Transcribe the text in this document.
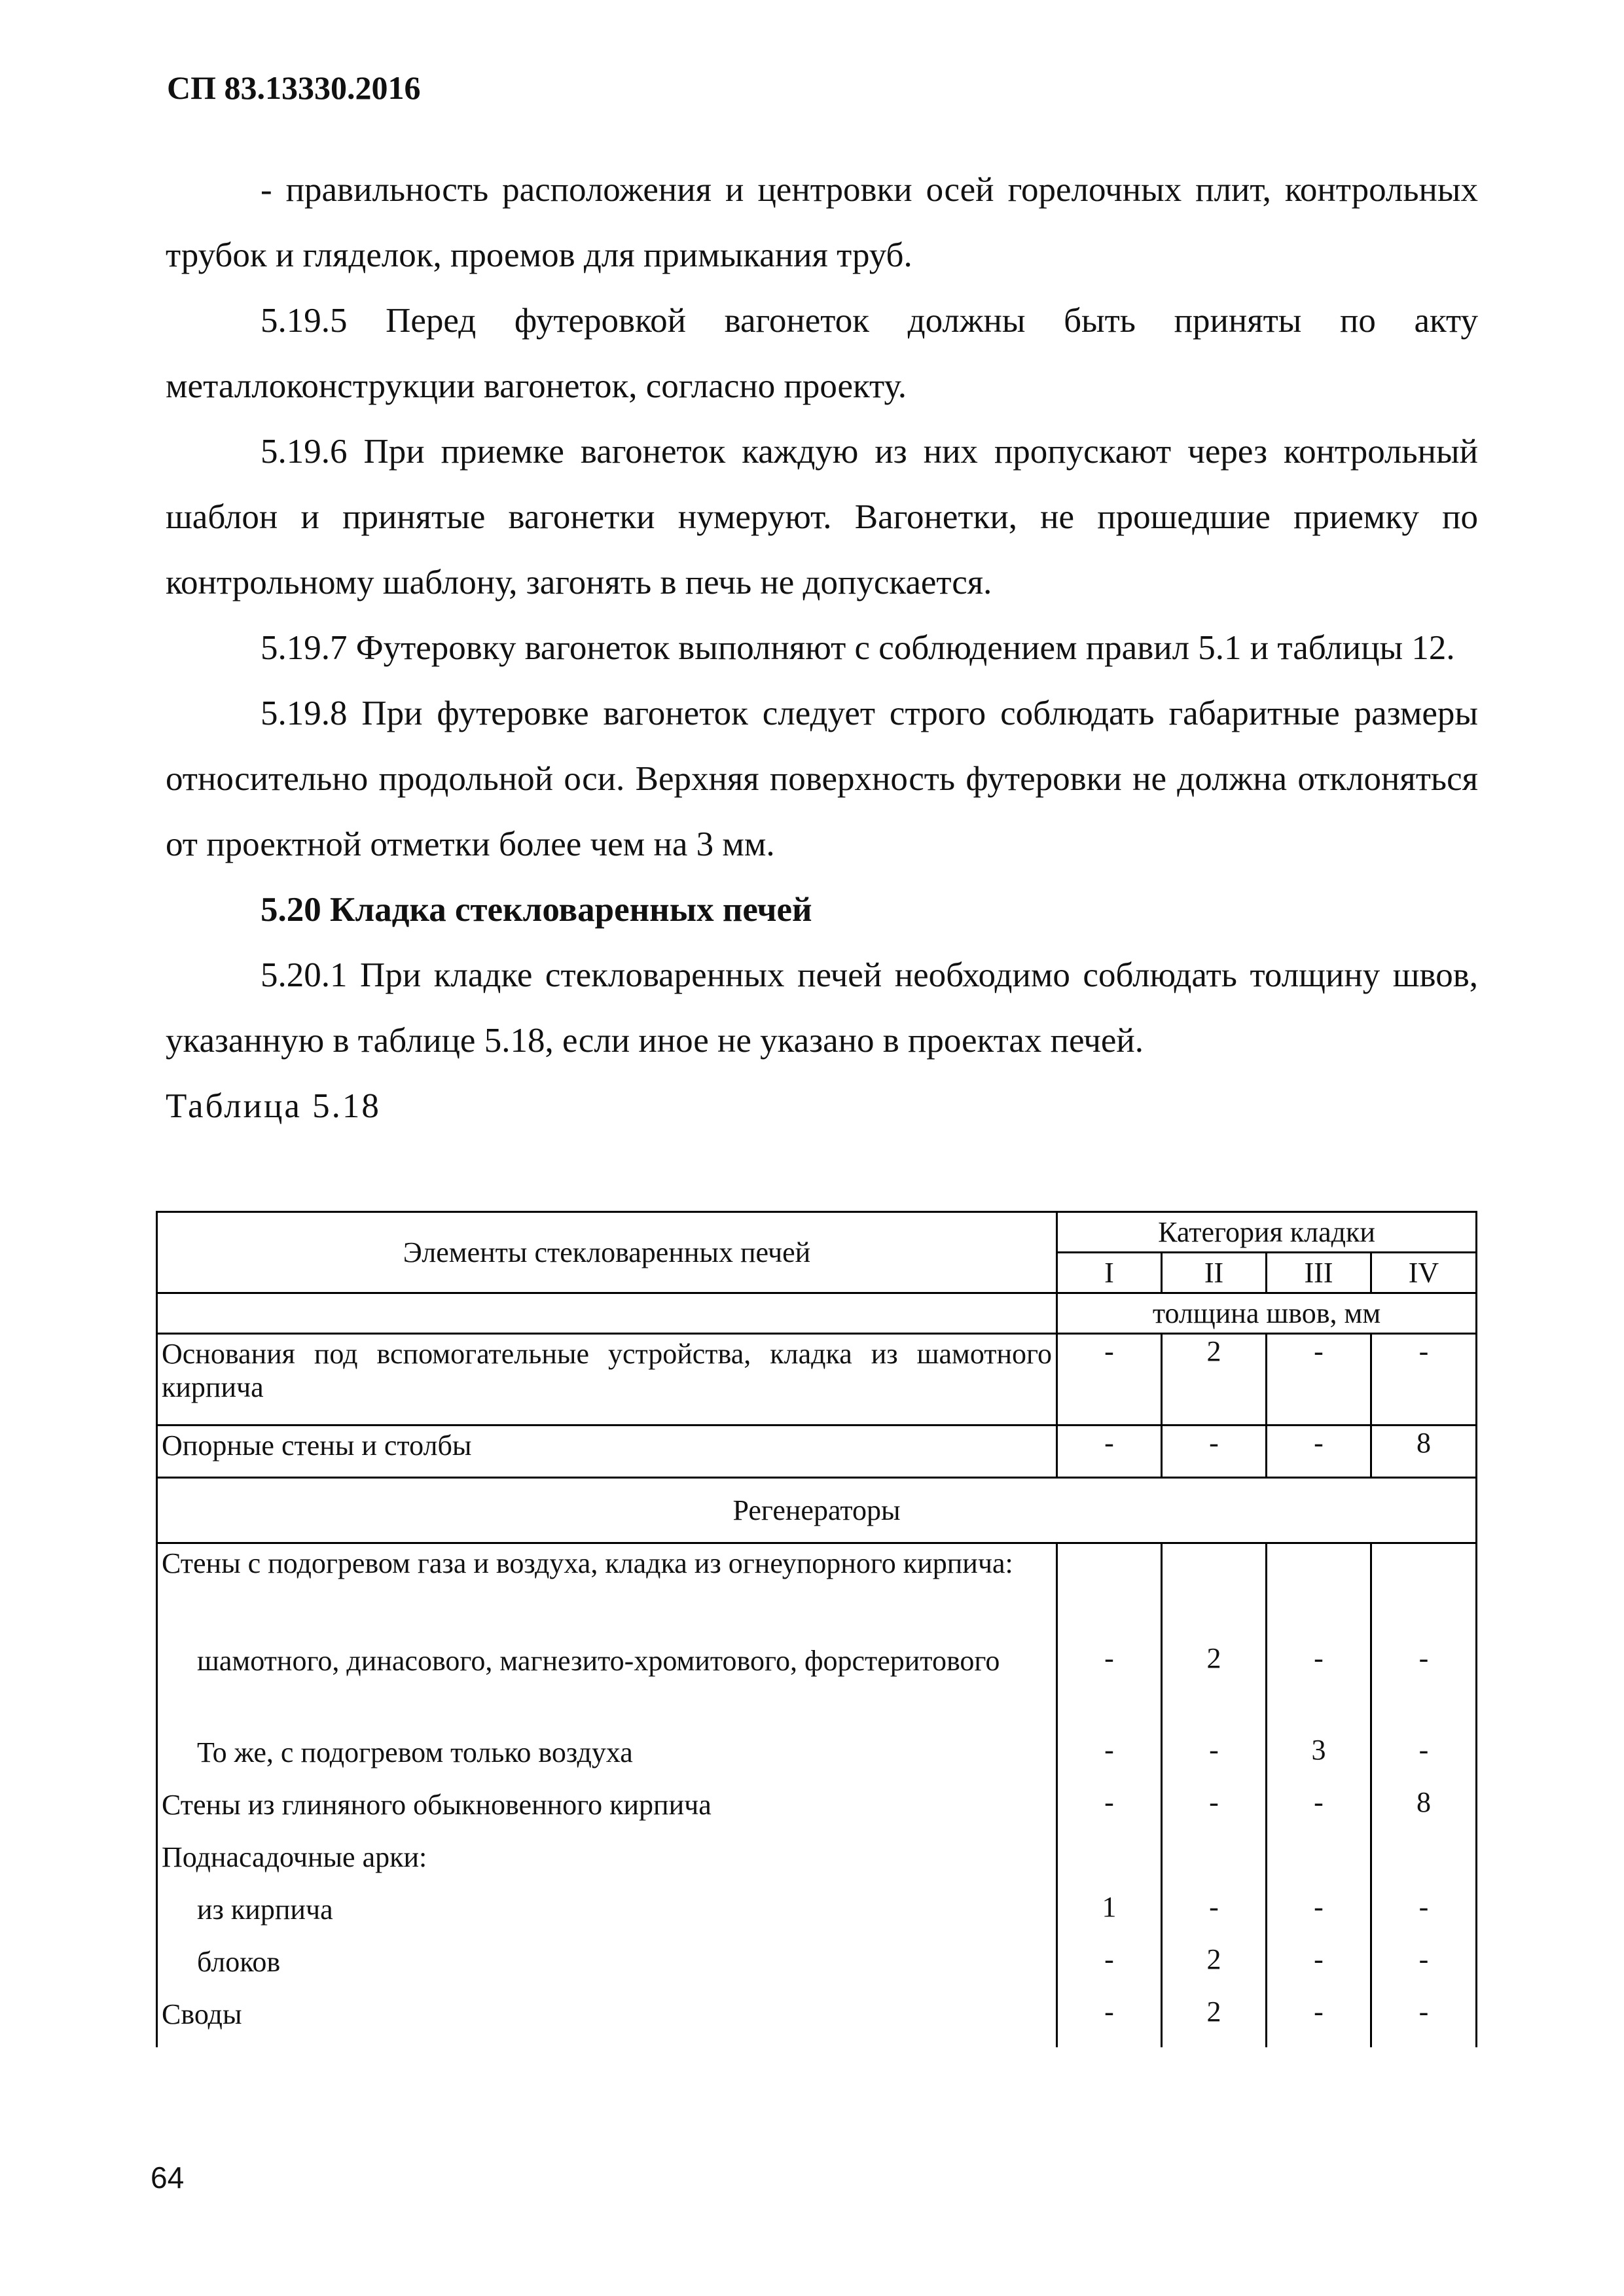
СП 83.13330.2016

- правильность расположения и центровки осей горелочных плит, контрольных трубок и гляделок, проемов для примыкания труб.

5.19.5 Перед футеровкой вагонеток должны быть приняты по акту металлоконструкции вагонеток, согласно проекту.

5.19.6 При приемке вагонеток каждую из них пропускают через контрольный шаблон и принятые вагонетки нумеруют. Вагонетки, не прошедшие приемку по контрольному шаблону, загонять в печь не допускается.

5.19.7 Футеровку вагонеток выполняют с соблюдением правил 5.1 и таблицы 12.

5.19.8 При футеровке вагонеток следует строго соблюдать габаритные размеры относительно продольной оси. Верхняя поверхность футеровки не должна отклоняться от проектной отметки более чем на 3 мм.

5.20 Кладка стекловаренных печей

5.20.1 При кладке стекловаренных печей необходимо соблюдать толщину швов, указанную в таблице 5.18, если иное не указано в проектах печей.

Таблица 5.18

Элементы стекловаренных печей	Категория кладки			
	I	II	III	IV
	толщина швов, мм			
Основания под вспомогательные устройства, кладка из шамотного кирпича	-	2	-	-
Опорные стены и столбы	-	-	-	8
Регенераторы				
Стены с подогревом газа и воздуха, кладка из огнеупорного кирпича:				
шамотного, динасового, магнезито-хромитового, форстеритового	-	2	-	-
То же, с подогревом только воздуха	-	-	3	-
Стены из глиняного обыкновенного кирпича	-	-	-	8
Поднасадочные арки:				
из кирпича	1	-	-	-
блоков	-	2	-	-
Своды	-	2	-	-
64
